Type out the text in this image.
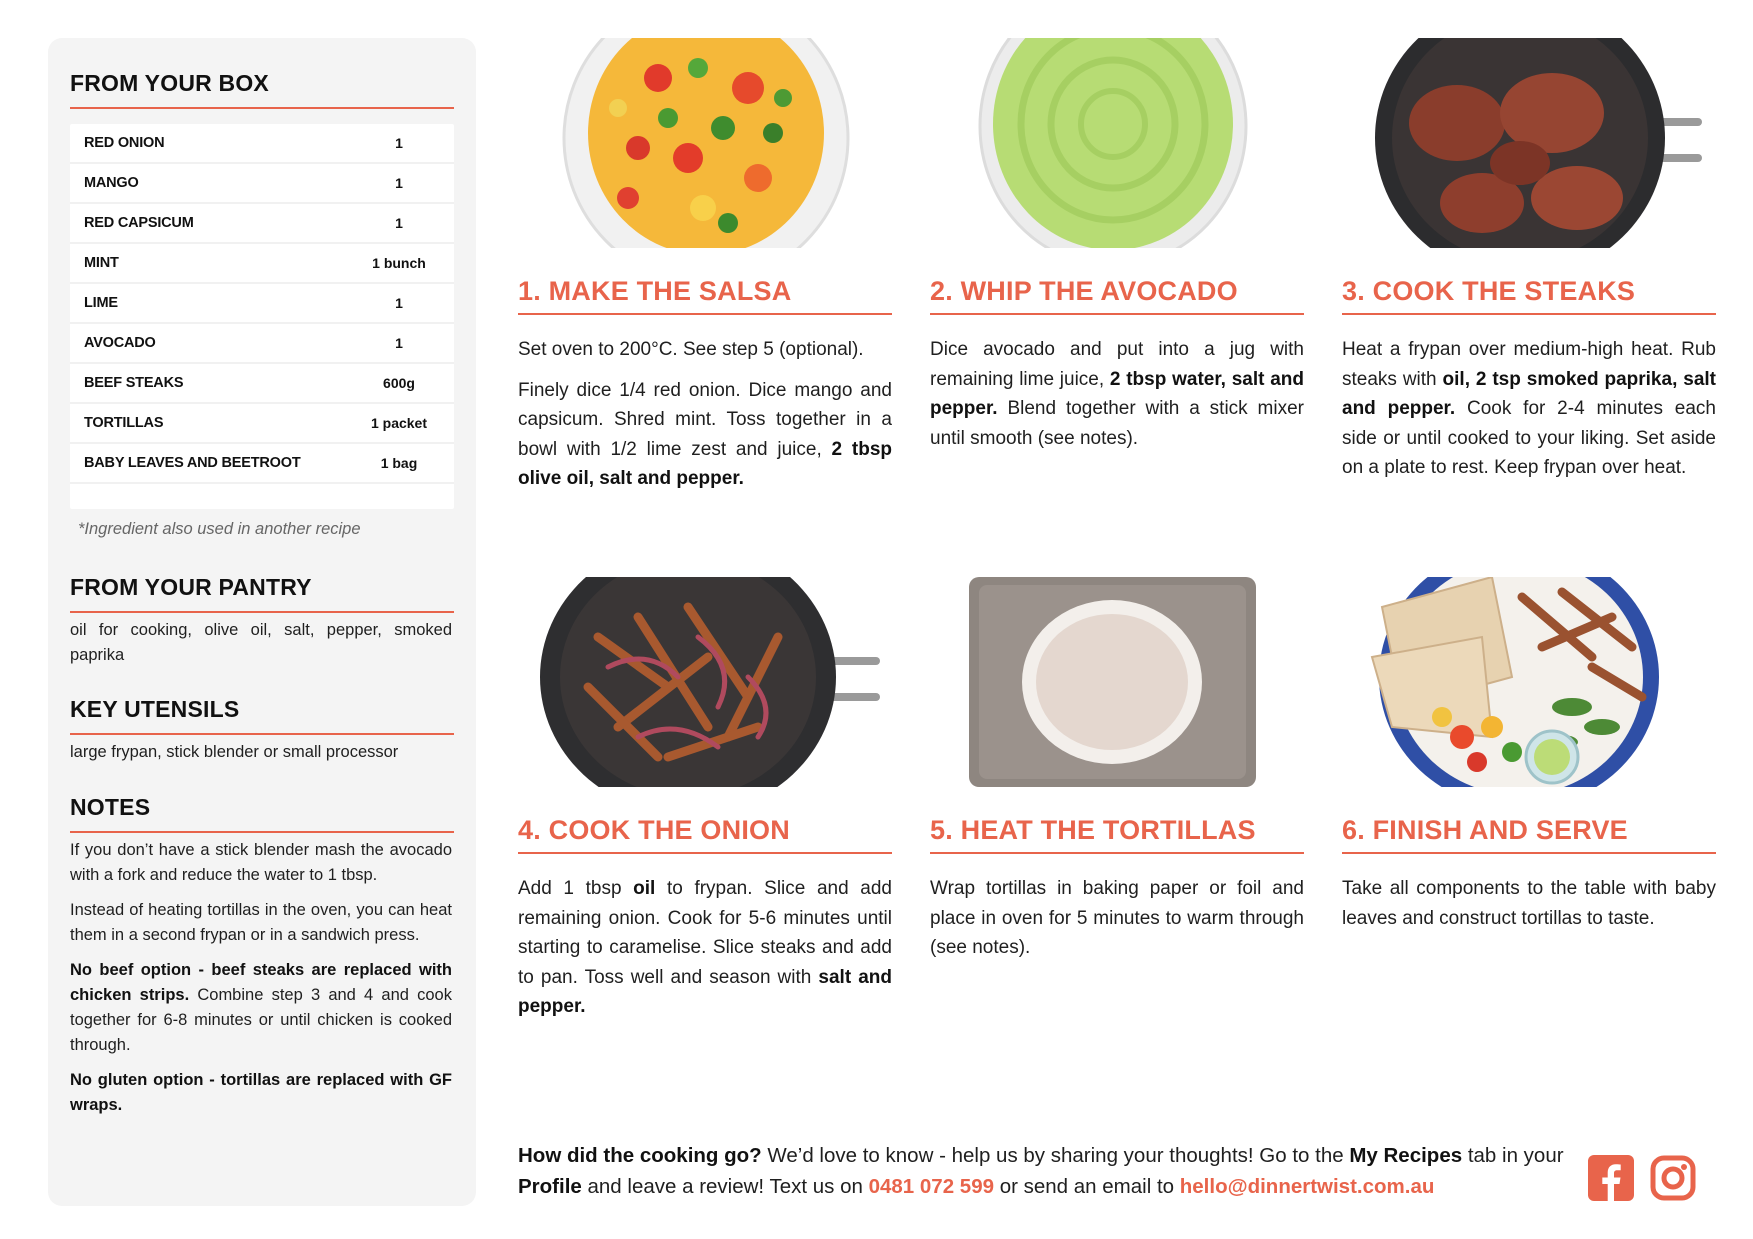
FROM YOUR BOX
RED ONION	1
MANGO	1
RED CAPSICUM	1
MINT	1 bunch
LIME	1
AVOCADO	1
BEEF STEAKS	600g
TORTILLAS	1 packet
BABY LEAVES AND BEETROOT	1 bag
*Ingredient also used in another recipe
FROM YOUR PANTRY
oil for cooking, olive oil, salt, pepper, smoked paprika
KEY UTENSILS
large frypan, stick blender or small processor
NOTES

If you don’t have a stick blender mash the avocado with a fork and reduce the water to 1 tbsp.

Instead of heating tortillas in the oven, you can heat them in a second frypan or in a sandwich press.

No beef option - beef steaks are replaced with chicken strips. Combine step 3 and 4 and cook together for 6-8 minutes or until chicken is cooked through.

No gluten option - tortillas are replaced with GF wraps.

1. MAKE THE SALSA

Set oven to 200°C. See step 5 (optional).

Finely dice 1/4 red onion. Dice mango and capsicum. Shred mint. Toss together in a bowl with 1/2 lime zest and juice, 2 tbsp olive oil, salt and pepper.

2. WHIP THE AVOCADO

Dice avocado and put into a jug with remaining lime juice, 2 tbsp water, salt and pepper. Blend together with a stick mixer until smooth (see notes).

3. COOK THE STEAKS

Heat a frypan over medium-high heat. Rub steaks with oil, 2 tsp smoked paprika, salt and pepper. Cook for 2-4 minutes each side or until cooked to your liking. Set aside on a plate to rest. Keep frypan over heat.

4. COOK THE ONION

Add 1 tbsp oil to frypan. Slice and add remaining onion. Cook for 5-6 minutes until starting to caramelise. Slice steaks and add to pan. Toss well and season with salt and pepper.

5. HEAT THE TORTILLAS

Wrap tortillas in baking paper or foil and place in oven for 5 minutes to warm through (see notes).

6. FINISH AND SERVE

Take all components to the table with baby leaves and construct tortillas to taste.

How did the cooking go? We’d love to know - help us by sharing your thoughts! Go to the My Recipes tab in your Profile and leave a review! Text us on 0481 072 599 or send an email to hello@dinnertwist.com.au
